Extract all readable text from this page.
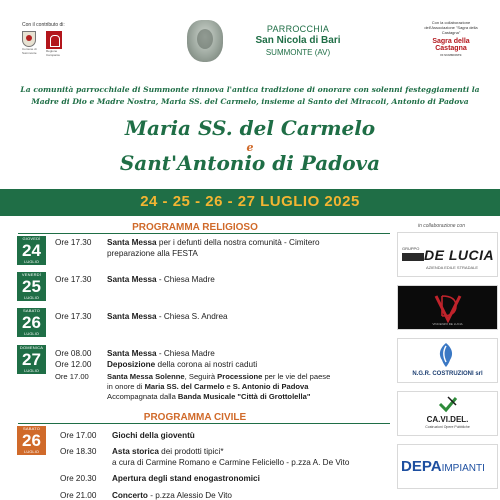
Con il contributo di:
Comune di Summonte	Regione Campania
PARROCCHIA
San Nicola di Bari
SUMMONTE (AV)
Con la collaborazione dell'Associazione "Sagra della Castagna"
Sagra della
Castagna
DI SUMMONTE
La comunità parrocchiale di Summonte rinnova l'antica tradizione di onorare con solenni festeggiamenti la
Madre di Dio e Madre Nostra, Maria SS. del Carmelo, insieme al Santo dei Miracoli, Antonio di Padova
Maria SS. del Carmelo
e
Sant'Antonio di Padova
24 - 25 - 26 - 27 LUGLIO 2025
PROGRAMMA RELIGIOSO
GIOVEDÌ
24
LUGLIO
Ore 17.30 Santa Messa per i defunti della nostra comunità - Cimitero
preparazione alla FESTA
VENERDÌ
25
LUGLIO
Ore 17.30 Santa Messa - Chiesa Madre
SABATO
26
LUGLIO
Ore 17.30 Santa Messa - Chiesa S. Andrea
DOMENICA
27
LUGLIO
Ore 08.00 Santa Messa - Chiesa Madre
Ore 12.00 Deposizione della corona ai nostri caduti
Ore 17.00 Santa Messa Solenne, Seguirà Processione per le vie del paese
in onore di Maria SS. del Carmelo e S. Antonio di Padova
Accompagnata dalla Banda Musicale "Città di Grottolella"
PROGRAMMA CIVILE
SABATO
26
LUGLIO
Ore 17.00 Giochi della gioventù
Ore 18.30 Asta storica dei prodotti tipici*
a cura di Carmine Romano e Carmine Feliciello - p.zza A. De Vito
Ore 20.30 Apertura degli stand enogastronomici
Ore 21.00 Concerto - p.zza Alessio De Vito
in collaborazione con
GRUPPO DE LUCIA
AZIENDA EDILE STRADALE
VINCENZO DE LUCIA
N.G.R. COSTRUZIONI srl
CA.VI.DEL.
Costruzioni Opere Pubbliche
DEPAIMPIANTI
